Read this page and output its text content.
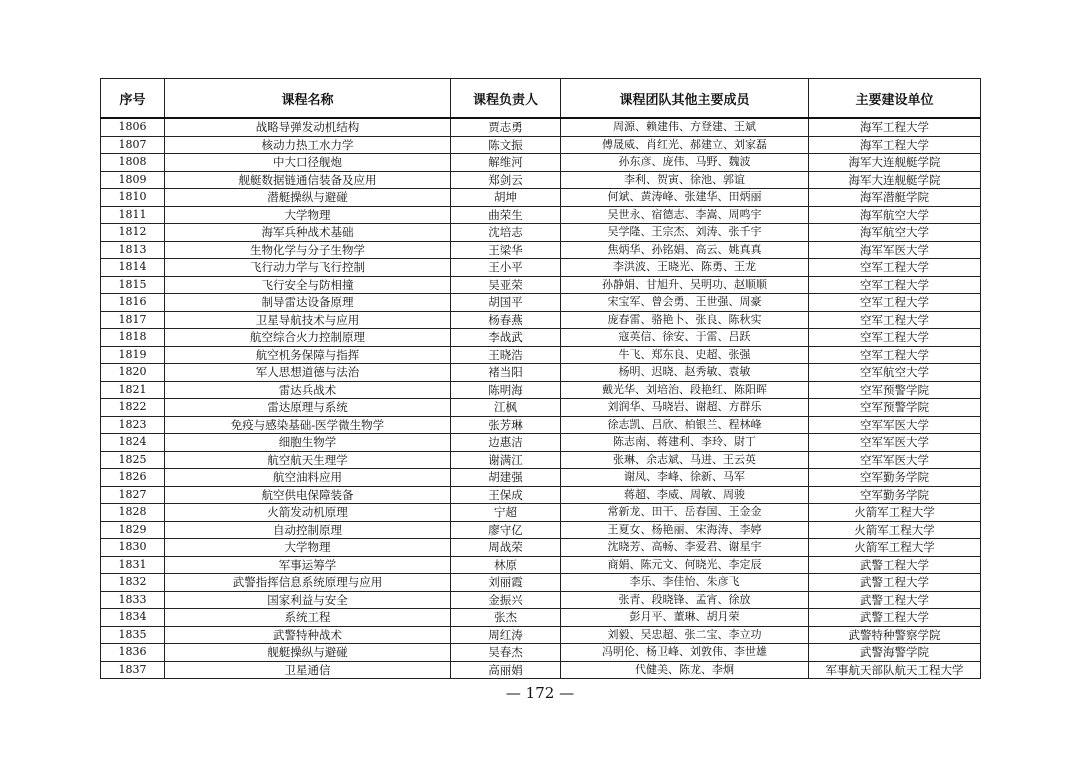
序号	课程名称	课程负责人	课程团队其他主要成员	主要建设单位
1806	战略导弹发动机结构	贾志勇	周源、赖建伟、方登建、王斌	海军工程大学
1807	核动力热工水力学	陈文振	傅晟威、肖红光、郝建立、刘家磊	海军工程大学
1808	中大口径舰炮	解维河	孙东彦、庞伟、马野、魏波	海军大连舰艇学院
1809	舰艇数据链通信装备及应用	郑剑云	李利、贺寅、徐池、郭谊	海军大连舰艇学院
1810	潜艇操纵与避碰	胡坤	何斌、黄涛峰、张建华、田炳丽	海军潜艇学院
1811	大学物理	曲荣生	吴世永、宿德志、李嵩、周鸣宇	海军航空大学
1812	海军兵种战术基础	沈培志	吴学隆、王宗杰、刘涛、张千宇	海军航空大学
1813	生物化学与分子生物学	王梁华	焦炳华、孙铭娟、高云、姚真真	海军军医大学
1814	飞行动力学与飞行控制	王小平	李洪波、王晓光、陈勇、王龙	空军工程大学
1815	飞行安全与防相撞	吴亚荣	孙静娟、甘旭升、吴明功、赵顺顺	空军工程大学
1816	制导雷达设备原理	胡国平	宋宝军、曾会勇、王世强、周豪	空军工程大学
1817	卫星导航技术与应用	杨春燕	庞春雷、骆艳卜、张良、陈秋实	空军工程大学
1818	航空综合火力控制原理	李战武	寇英信、徐安、于雷、吕跃	空军工程大学
1819	航空机务保障与指挥	王晓浩	牛飞、郑东良、史超、张强	空军工程大学
1820	军人思想道德与法治	褚当阳	杨明、迟晓、赵秀敏、袁敏	空军航空大学
1821	雷达兵战术	陈明海	戴光华、刘培治、段艳红、陈阳晖	空军预警学院
1822	雷达原理与系统	江枫	刘润华、马晓岩、谢超、方群乐	空军预警学院
1823	免疫与感染基础-医学微生物学	张芳琳	徐志凯、吕欣、柏银兰、程林峰	空军军医大学
1824	细胞生物学	边惠洁	陈志南、蒋建利、李玲、尉丁	空军军医大学
1825	航空航天生理学	谢满江	张琳、余志斌、马进、王云英	空军军医大学
1826	航空油料应用	胡建强	谢凤、李峰、徐新、马军	空军勤务学院
1827	航空供电保障装备	王保成	蒋超、李威、周敏、周骏	空军勤务学院
1828	火箭发动机原理	宁超	常新龙、田干、岳春国、王金金	火箭军工程大学
1829	自动控制原理	廖守亿	王夏女、杨艳丽、宋海涛、李婷	火箭军工程大学
1830	大学物理	周战荣	沈晓芳、高畅、李爱君、谢星宇	火箭军工程大学
1831	军事运筹学	林原	商娟、陈元文、何晓光、李定辰	武警工程大学
1832	武警指挥信息系统原理与应用	刘丽霞	李乐、李佳怡、朱彦飞	武警工程大学
1833	国家利益与安全	金振兴	张青、段晓锋、孟宵、徐放	武警工程大学
1834	系统工程	张杰	彭月平、董琳、胡月荣	武警工程大学
1835	武警特种战术	周红涛	刘毅、吴忠超、张二宝、李立功	武警特种警察学院
1836	舰艇操纵与避碰	吴春杰	冯明伦、杨卫峰、刘敦伟、李世雄	武警海警学院
1837	卫星通信	高丽娟	代健美、陈龙、李炯	军事航天部队航天工程大学
— 172 —
